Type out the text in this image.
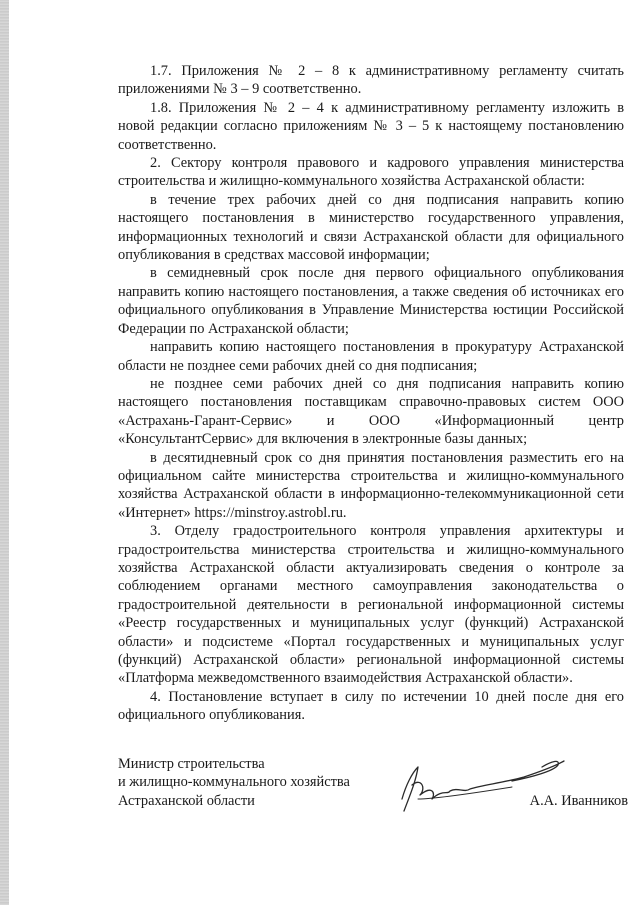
1.7. Приложения № 2 – 8 к административному регламенту считать приложениями № 3 – 9 соответственно.

1.8. Приложения № 2 – 4 к административному регламенту изложить в новой редакции согласно приложениям № 3 – 5 к настоящему постановлению соответственно.

2. Сектору контроля правового и кадрового управления министерства строительства и жилищно-коммунального хозяйства Астраханской области:

в течение трех рабочих дней со дня подписания направить копию настоящего постановления в министерство государственного управления, информационных технологий и связи Астраханской области для официального опубликования в средствах массовой информации;

в семидневный срок после дня первого официального опубликования направить копию настоящего постановления, а также сведения об источниках его официального опубликования в Управление Министерства юстиции Российской Федерации по Астраханской области;

направить копию настоящего постановления в прокуратуру Астраханской области не позднее семи рабочих дней со дня подписания;

не позднее семи рабочих дней со дня подписания направить копию настоящего постановления поставщикам справочно-правовых систем ООО «Астрахань-Гарант-Сервис» и ООО «Информационный центр «КонсультантСервис» для включения в электронные базы данных;

в десятидневный срок со дня принятия постановления разместить его на официальном сайте министерства строительства и жилищно-коммунального хозяйства Астраханской области в информационно-телекоммуникационной сети «Интернет» https://minstroy.astrobl.ru.

3. Отделу градостроительного контроля управления архитектуры и градостроительства министерства строительства и жилищно-коммунального хозяйства Астраханской области актуализировать сведения о контроле за соблюдением органами местного самоуправления законодательства о градостроительной деятельности в региональной информационной системы «Реестр государственных и муниципальных услуг (функций) Астраханской области» и подсистеме «Портал государственных и муниципальных услуг (функций) Астраханской области» региональной информационной системы «Платформа межведомственного взаимодействия Астраханской области».

4. Постановление вступает в силу по истечении 10 дней после дня его официального опубликования.

Министр строительства
и жилищно-коммунального хозяйства
Астраханской области	А.А. Иванников
